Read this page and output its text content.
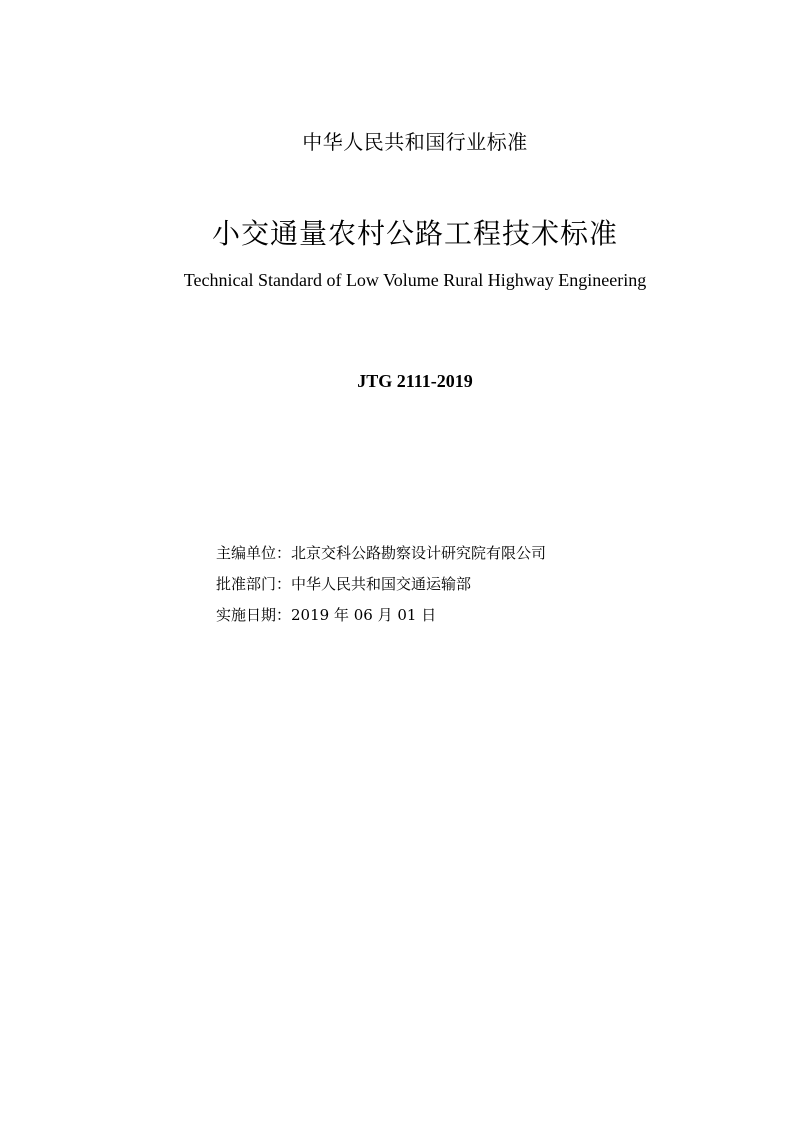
中华人民共和国行业标准
小交通量农村公路工程技术标准
Technical Standard of Low Volume Rural Highway Engineering
JTG 2111-2019
主编单位：北京交科公路勘察设计研究院有限公司
批准部门：中华人民共和国交通运输部
实施日期：2019 年 06 月 01 日
